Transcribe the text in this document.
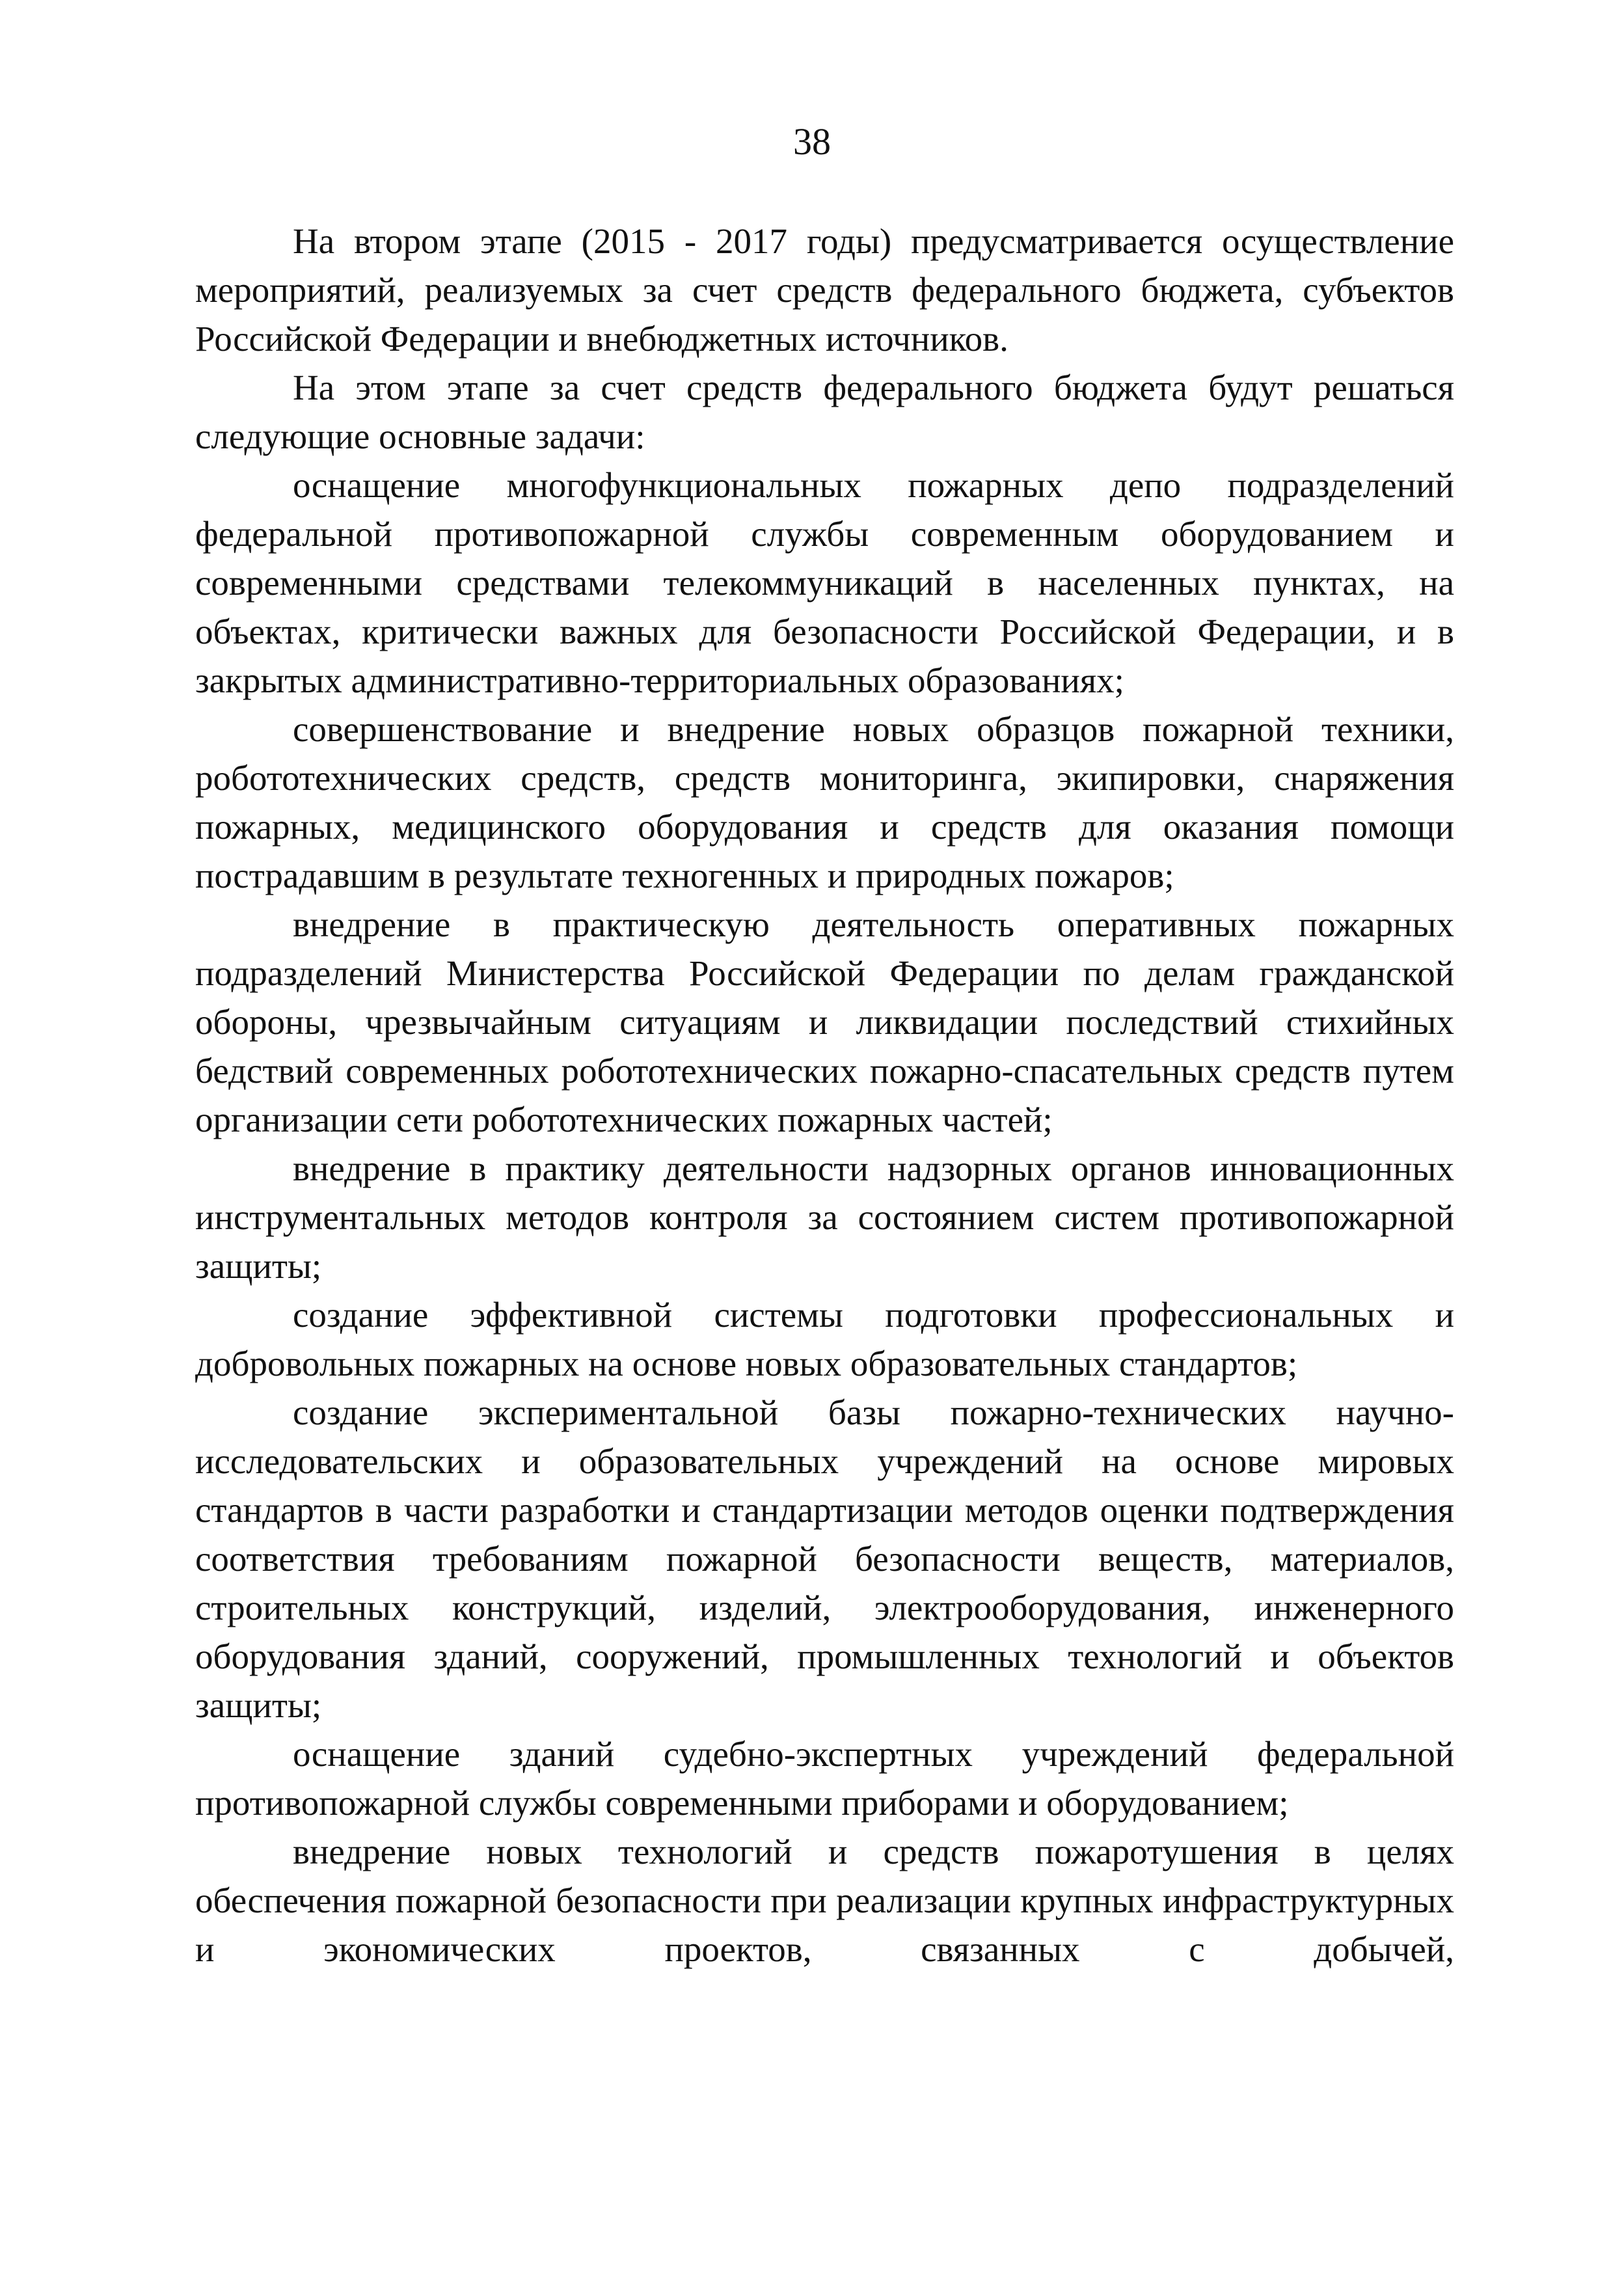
38

На втором этапе (2015 - 2017 годы) предусматривается осуществление мероприятий, реализуемых за счет средств федерального бюджета, субъектов Российской Федерации и внебюджетных источников.

На этом этапе за счет средств федерального бюджета будут решаться следующие основные задачи:

оснащение многофункциональных пожарных депо подразделений федеральной противопожарной службы современным оборудованием и современными средствами телекоммуникаций в населенных пунктах, на объектах, критически важных для безопасности Российской Федерации, и в закрытых административно-территориальных образованиях;

совершенствование и внедрение новых образцов пожарной техники, робототехнических средств, средств мониторинга, экипировки, снаряжения пожарных, медицинского оборудования и средств для оказания помощи пострадавшим в результате техногенных и природных пожаров;

внедрение в практическую деятельность оперативных пожарных подразделений Министерства Российской Федерации по делам гражданской обороны, чрезвычайным ситуациям и ликвидации последствий стихийных бедствий современных робототехнических пожарно-спасательных средств путем организации сети робототехнических пожарных частей;

внедрение в практику деятельности надзорных органов инновационных инструментальных методов контроля за состоянием систем противопожарной защиты;

создание эффективной системы подготовки профессиональных и добровольных пожарных на основе новых образовательных стандартов;

создание экспериментальной базы пожарно-технических научно-исследовательских и образовательных учреждений на основе мировых стандартов в части разработки и стандартизации методов оценки подтверждения соответствия требованиям пожарной безопасности веществ, материалов, строительных конструкций, изделий, электрооборудования, инженерного оборудования зданий, сооружений, промышленных технологий и объектов защиты;

оснащение зданий судебно-экспертных учреждений федеральной противопожарной службы современными приборами и оборудованием;

внедрение новых технологий и средств пожаротушения в целях обеспечения пожарной безопасности при реализации крупных инфраструктурных и экономических проектов, связанных с добычей,
